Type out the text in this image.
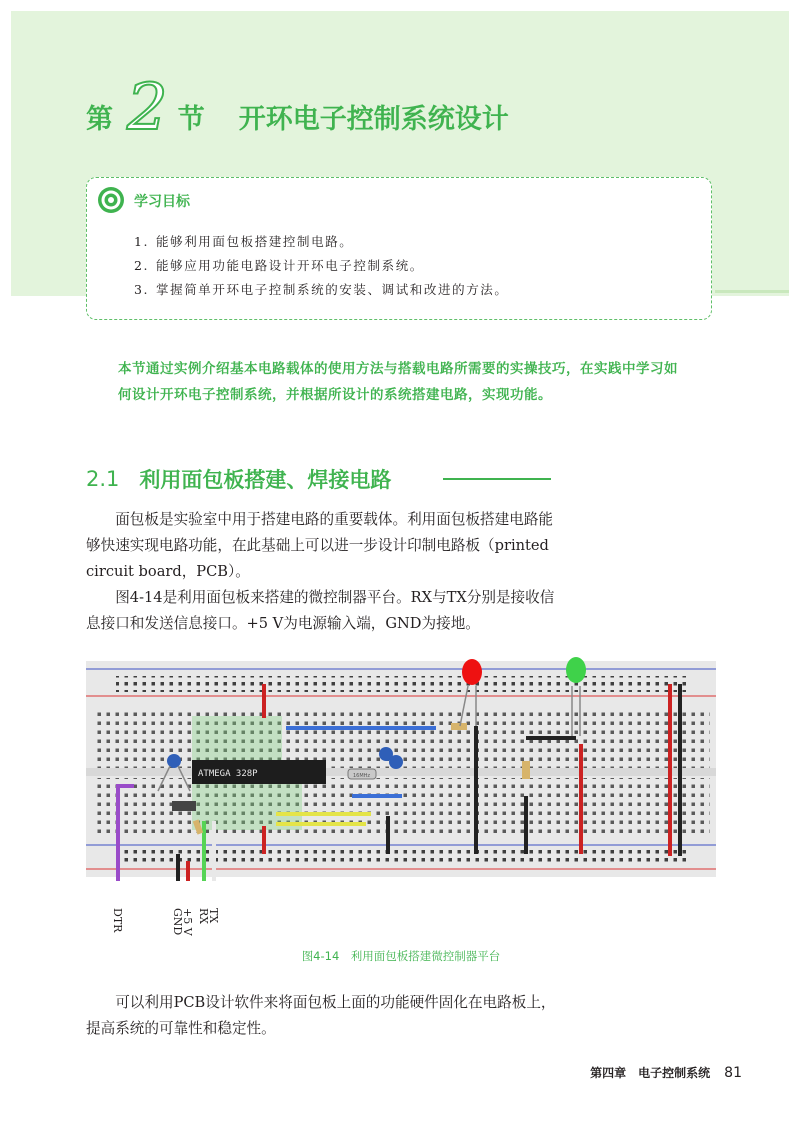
第 2 节 开环电子控制系统设计
学习目标
1. 能够利用面包板搭建控制电路。
2. 能够应用功能电路设计开环电子控制系统。
3. 掌握简单开环电子控制系统的安装、调试和改进的方法。
本节通过实例介绍基本电路载体的使用方法与搭载电路所需要的实操技巧，在实践中学习如何设计开环电子控制系统，并根据所设计的系统搭建电路，实现功能。
2.1 利用面包板搭建、焊接电路

面包板是实验室中用于搭建电路的重要载体。利用面包板搭建电路能够快速实现电路功能，在此基础上可以进一步设计印制电路板（printed circuit board，PCB）。

图4-14是利用面包板来搭建的微控制器平台。RX与TX分别是接收信息接口和发送信息接口。+5 V为电源输入端，GND为接地。

ATMEGA 328P	16MHz
DTR	GND
+5 V RX
TX
图4-14　利用面包板搭建微控制器平台

可以利用PCB设计软件来将面包板上面的功能硬件固化在电路板上，提高系统的可靠性和稳定性。

第四章　电子控制系统 81
